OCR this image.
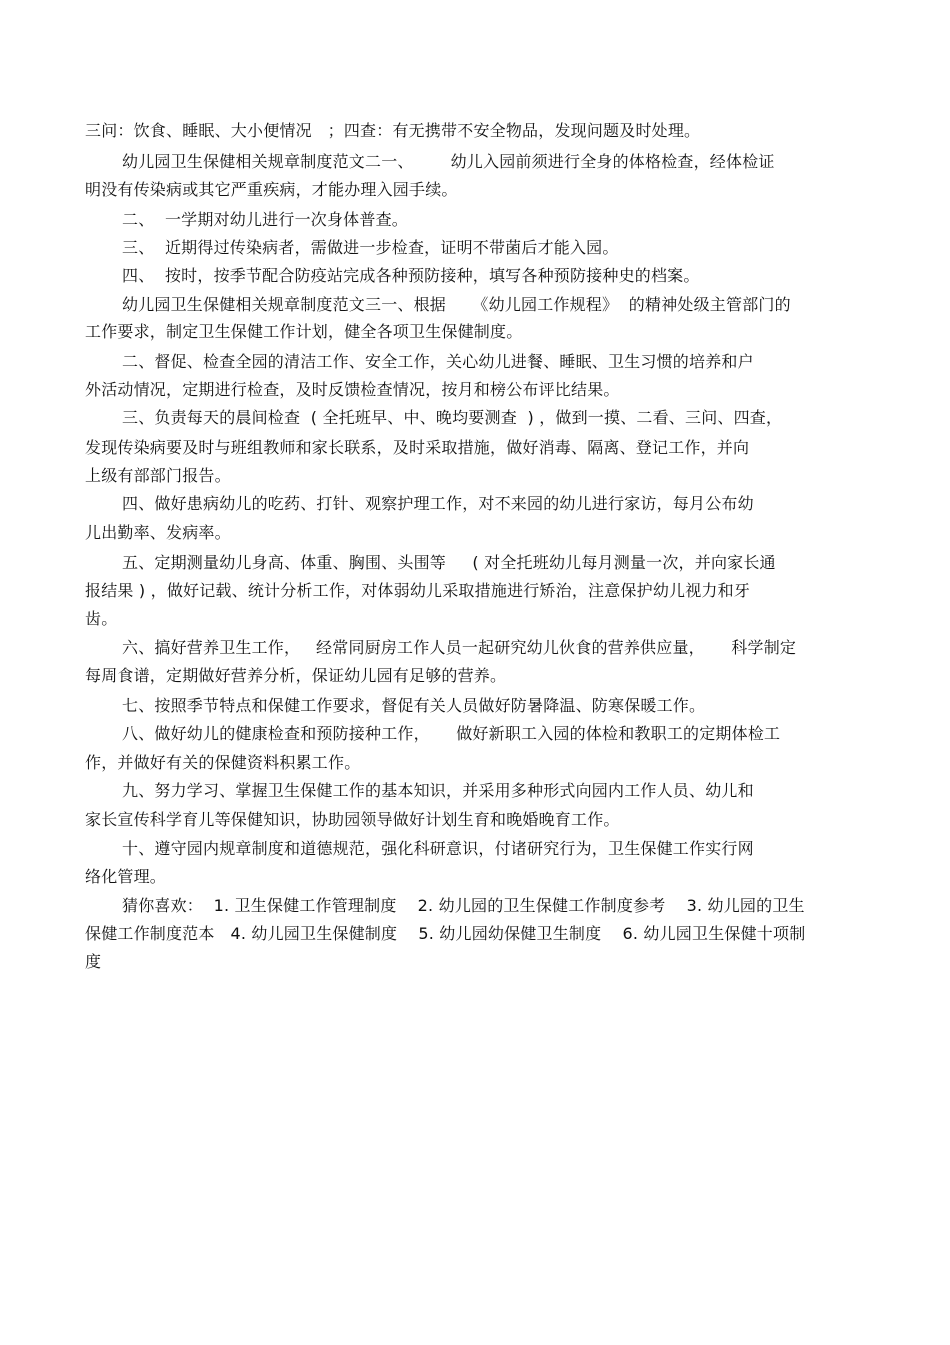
三问：饮食、睡眠、大小便情况   ；四查：有无携带不安全物品，发现问题及时处理。
幼儿园卫生保健相关规章制度范文二一、       幼儿入园前须进行全身的体格检查，经体检证
明没有传染病或其它严重疾病，才能办理入园手续。
二、  一学期对幼儿进行一次身体普查。
三、  近期得过传染病者，需做进一步检查，证明不带菌后才能入园。
四、  按时，按季节配合防疫站完成各种预防接种，填写各种预防接种史的档案。
幼儿园卫生保健相关规章制度范文三一、根据     《幼儿园工作规程》  的精神处级主管部门的
工作要求，制定卫生保健工作计划，健全各项卫生保健制度。
二、督促、检查全园的清洁工作、安全工作，关心幼儿进餐、睡眠、卫生习惯的培养和户
外活动情况，定期进行检查，及时反馈检查情况，按月和榜公布评比结果。
三、负责每天的晨间检查  ( 全托班早、中、晚均要测查  ) ，做到一摸、二看、三问、四查，
发现传染病要及时与班组教师和家长联系，及时采取措施，做好消毒、隔离、登记工作，并向
上级有部部门报告。
四、做好患病幼儿的吃药、打针、观察护理工作，对不来园的幼儿进行家访，每月公布幼
儿出勤率、发病率。
五、定期测量幼儿身高、体重、胸围、头围等     ( 对全托班幼儿每月测量一次，并向家长通
报结果 ) ，做好记载、统计分析工作，对体弱幼儿采取措施进行矫治，注意保护幼儿视力和牙
齿。
六、搞好营养卫生工作，   经常同厨房工作人员一起研究幼儿伙食的营养供应量，     科学制定
每周食谱，定期做好营养分析，保证幼儿园有足够的营养。
七、按照季节特点和保健工作要求，督促有关人员做好防暑降温、防寒保暖工作。
八、做好幼儿的健康检查和预防接种工作，     做好新职工入园的体检和教职工的定期体检工
作，并做好有关的保健资料积累工作。
九、努力学习、掌握卫生保健工作的基本知识，并采用多种形式向园内工作人员、幼儿和
家长宣传科学育儿等保健知识，协助园领导做好计划生育和晚婚晚育工作。
十、遵守园内规章制度和道德规范，强化科研意识，付诸研究行为，卫生保健工作实行网
络化管理。
猜你喜欢：  1. 卫生保健工作管理制度    2. 幼儿园的卫生保健工作制度参考    3. 幼儿园的卫生
保健工作制度范本   4. 幼儿园卫生保健制度    5. 幼儿园幼保健卫生制度    6. 幼儿园卫生保健十项制
度
